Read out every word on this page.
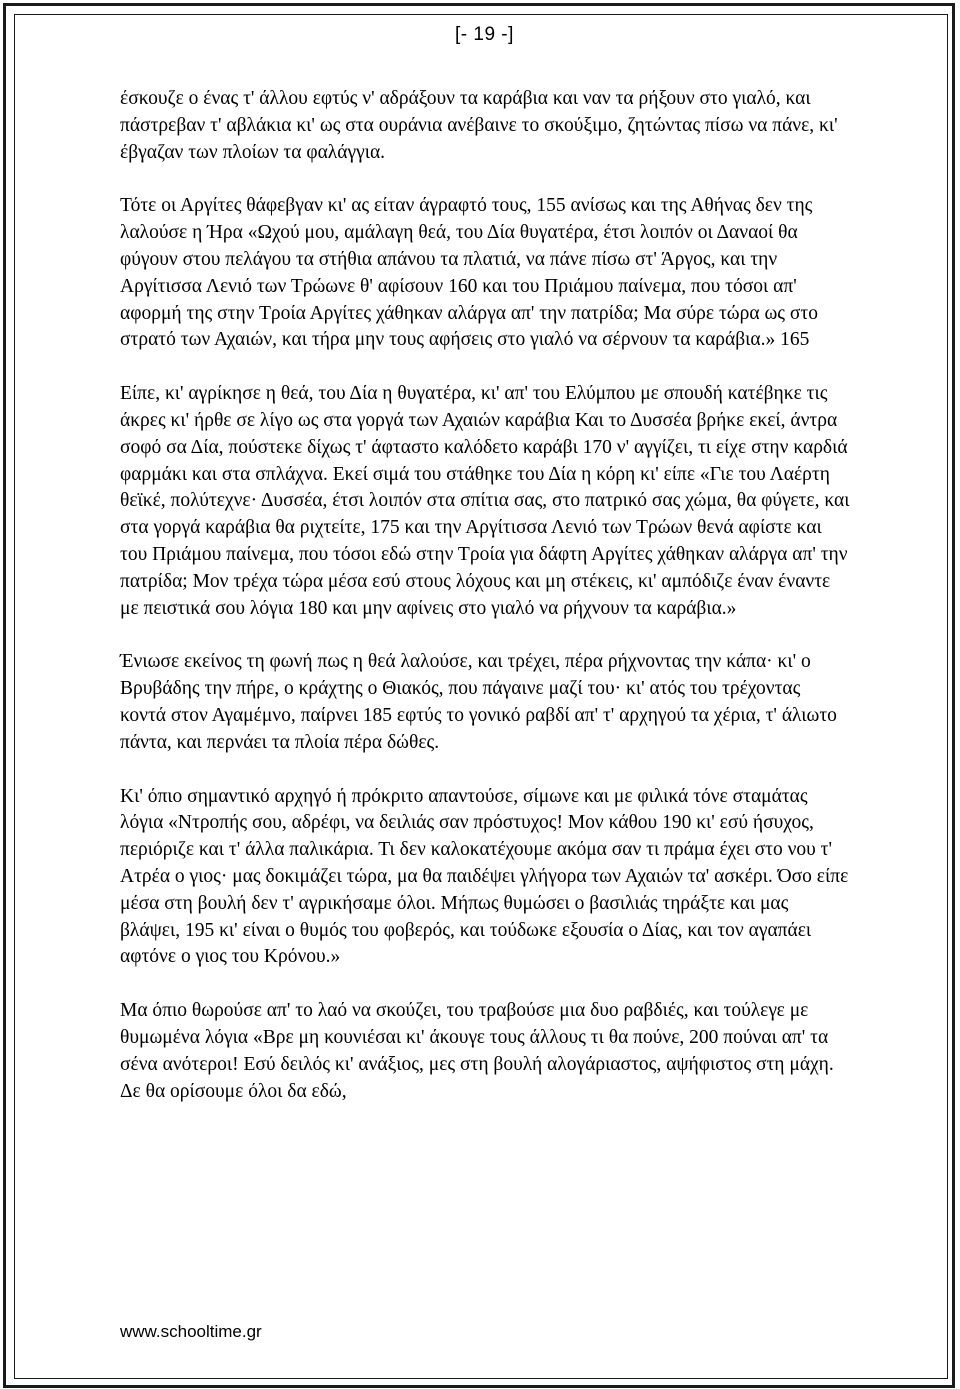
[- 19 -]

έσκουζε ο ένας τ' άλλου εφτύς ν' αδράξουν τα καράβια και ναν τα ρήξουν στο γιαλό, και πάστρεβαν τ' αβλάκια κι' ως στα ουράνια ανέβαινε το σκούξιμο, ζητώντας πίσω να πάνε, κι' έβγαζαν των πλοίων τα φαλάγγια.

Τότε οι Αργίτες θάφεβγαν κι' ας είταν άγραφτό τους, 155 ανίσως και της Αθήνας δεν της λαλούσε η Ήρα «Ωχού μου, αμάλαγη θεά, του Δία θυγατέρα, έτσι λοιπόν οι Δαναοί θα φύγουν στου πελάγου τα στήθια απάνου τα πλατιά, να πάνε πίσω στ' Άργος, και την Αργίτισσα Λενιό των Τρώωνε θ' αφίσουν 160 και του Πριάμου παίνεμα, που τόσοι απ' αφορμή της στην Τροία Αργίτες χάθηκαν αλάργα απ' την πατρίδα; Μα σύρε τώρα ως στο στρατό των Αχαιών, και τήρα μην τους αφήσεις στο γιαλό να σέρνουν τα καράβια.» 165

Είπε, κι' αγρίκησε η θεά, του Δία η θυγατέρα, κι' απ' του Ελύμπου με σπουδή κατέβηκε τις άκρες κι' ήρθε σε λίγο ως στα γοργά των Αχαιών καράβια Και το Δυσσέα βρήκε εκεί, άντρα σοφό σα Δία, πούστεκε δίχως τ' άφταστο καλόδετο καράβι 170 ν' αγγίζει, τι είχε στην καρδιά φαρμάκι και στα σπλάχνα. Εκεί σιμά του στάθηκε του Δία η κόρη κι' είπε «Γιε του Λαέρτη θεϊκέ, πολύτεχνε· Δυσσέα, έτσι λοιπόν στα σπίτια σας, στο πατρικό σας χώμα, θα φύγετε, και στα γοργά καράβια θα ριχτείτε, 175 και την Αργίτισσα Λενιό των Τρώων θενά αφίστε και του Πριάμου παίνεμα, που τόσοι εδώ στην Τροία για δάφτη Αργίτες χάθηκαν αλάργα απ' την πατρίδα; Μον τρέχα τώρα μέσα εσύ στους λόχους και μη στέκεις, κι' αμπόδιζε έναν έναντε με πειστικά σου λόγια 180 και μην αφίνεις στο γιαλό να ρήχνουν τα καράβια.»

Ένιωσε εκείνος τη φωνή πως η θεά λαλούσε, και τρέχει, πέρα ρήχνοντας την κάπα· κι' ο Βρυβάδης την πήρε, ο κράχτης ο Θιακός, που πάγαινε μαζί του· κι' ατός του τρέχοντας κοντά στον Αγαμέμνο, παίρνει 185 εφτύς το γονικό ραβδί απ' τ' αρχηγού τα χέρια, τ' άλιωτο πάντα, και περνάει τα πλοία πέρα δώθες.

Κι' όπιο σημαντικό αρχηγό ή πρόκριτο απαντούσε, σίμωνε και με φιλικά τόνε σταμάτας λόγια «Ντροπής σου, αδρέφι, να δειλιάς σαν πρόστυχος! Μον κάθου 190 κι' εσύ ήσυχος, περιόριζε και τ' άλλα παλικάρια. Τι δεν καλοκατέχουμε ακόμα σαν τι πράμα έχει στο νου τ' Ατρέα ο γιος· μας δοκιμάζει τώρα, μα θα παιδέψει γλήγορα των Αχαιών τα' ασκέρι. Όσο είπε μέσα στη βουλή δεν τ' αγρικήσαμε όλοι. Μήπως θυμώσει ο βασιλιάς τηράξτε και μας βλάψει, 195 κι' είναι ο θυμός του φοβερός, και τούδωκε εξουσία ο Δίας, και τον αγαπάει αφτόνε ο γιος του Κρόνου.»

Μα όπιο θωρούσε απ' το λαό να σκούζει, του τραβούσε μια δυο ραβδιές, και τούλεγε με θυμωμένα λόγια «Βρε μη κουνιέσαι κι' άκουγε τους άλλους τι θα πούνε, 200 πούναι απ' τα σένα ανότεροι! Εσύ δειλός κι' ανάξιος, μες στη βουλή αλογάριαστος, αψήφιστος στη μάχη. Δε θα ορίσουμε όλοι δα εδώ,

www.schooltime.gr
